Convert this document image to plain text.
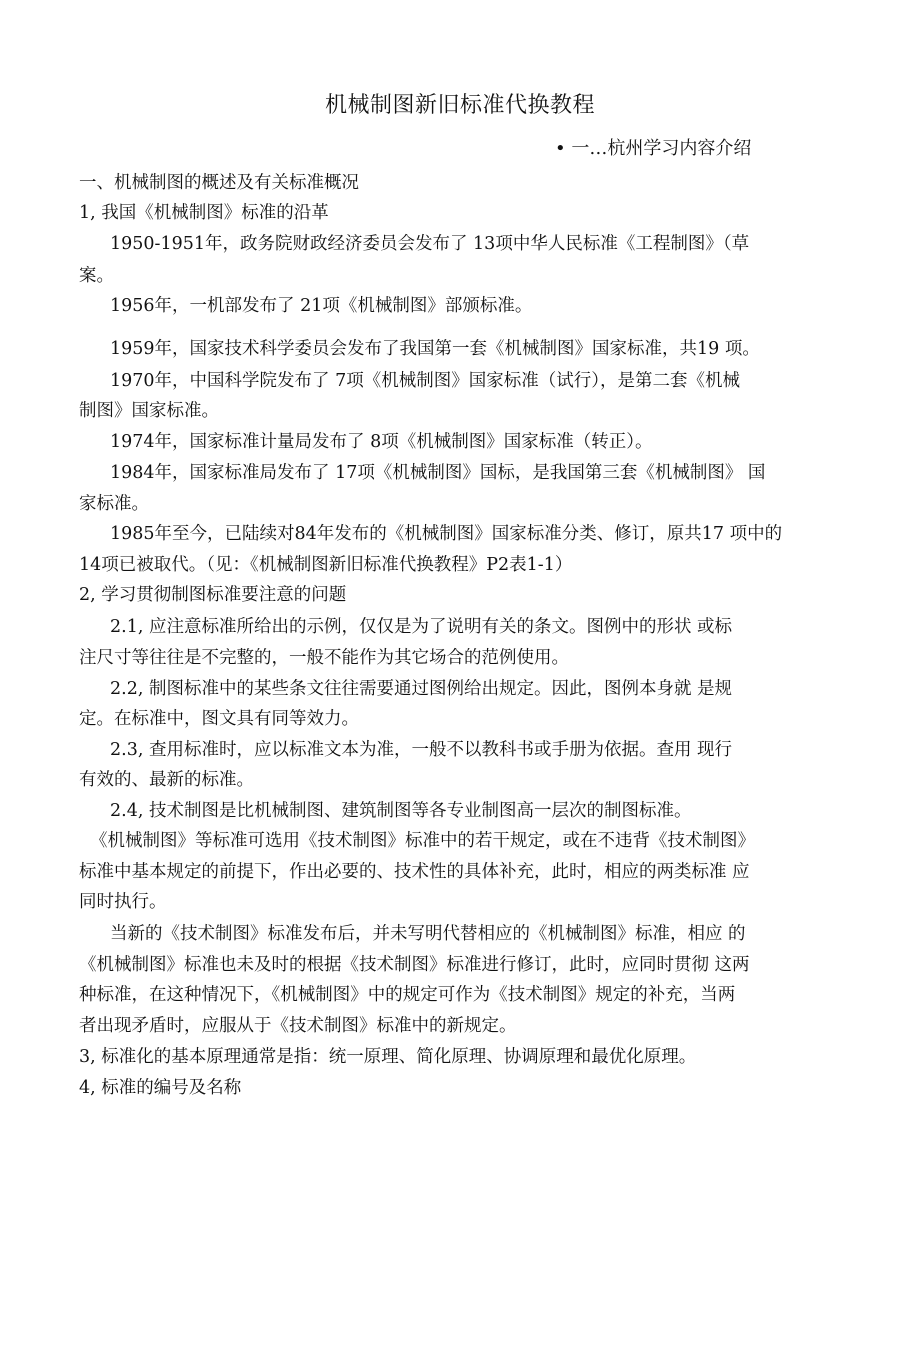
机械制图新旧标准代换教程
• 一…杭州学习内容介绍
一、机械制图的概述及有关标准概况
1, 我国《机械制图》标准的沿革
1950-1951年，政务院财政经济委员会发布了 13项中华人民标准《工程制图》（草
案。
1956年，一机部发布了 21项《机械制图》部颁标准。
1959年，国家技术科学委员会发布了我国第一套《机械制图》国家标准，共19 项。
1970年，中国科学院发布了 7项《机械制图》国家标准（试行），是第二套《机械
制图》国家标准。
1974年，国家标准计量局发布了 8项《机械制图》国家标准（转正）。
1984年，国家标准局发布了 17项《机械制图》国标，是我国第三套《机械制图》 国
家标准。
1985年至今，已陆续对84年发布的《机械制图》国家标准分类、修订，原共17 项中的
14项已被取代。（见：《机械制图新旧标准代换教程》P2表1-1）
2, 学习贯彻制图标准要注意的问题
2.1, 应注意标准所给出的示例，仅仅是为了说明有关的条文。图例中的形状 或标
注尺寸等往往是不完整的，一般不能作为其它场合的范例使用。
2.2, 制图标准中的某些条文往往需要通过图例给出规定。因此，图例本身就 是规
定。在标准中，图文具有同等效力。
2.3, 查用标准时，应以标准文本为准，一般不以教科书或手册为依据。查用 现行
有效的、最新的标准。
2.4, 技术制图是比机械制图、建筑制图等各专业制图高一层次的制图标准。
《机械制图》等标准可选用《技术制图》标准中的若干规定，或在不违背《技术制图》
标准中基本规定的前提下，作出必要的、技术性的具体补充，此时，相应的两类标准 应
同时执行。
当新的《技术制图》标准发布后，并未写明代替相应的《机械制图》标准，相应 的
《机械制图》标准也未及时的根据《技术制图》标准进行修订，此时，应同时贯彻 这两
种标准，在这种情况下，《机械制图》中的规定可作为《技术制图》规定的补充，当两
者出现矛盾时，应服从于《技术制图》标准中的新规定。
3, 标准化的基本原理通常是指：统一原理、简化原理、协调原理和最优化原理。
4, 标准的编号及名称
